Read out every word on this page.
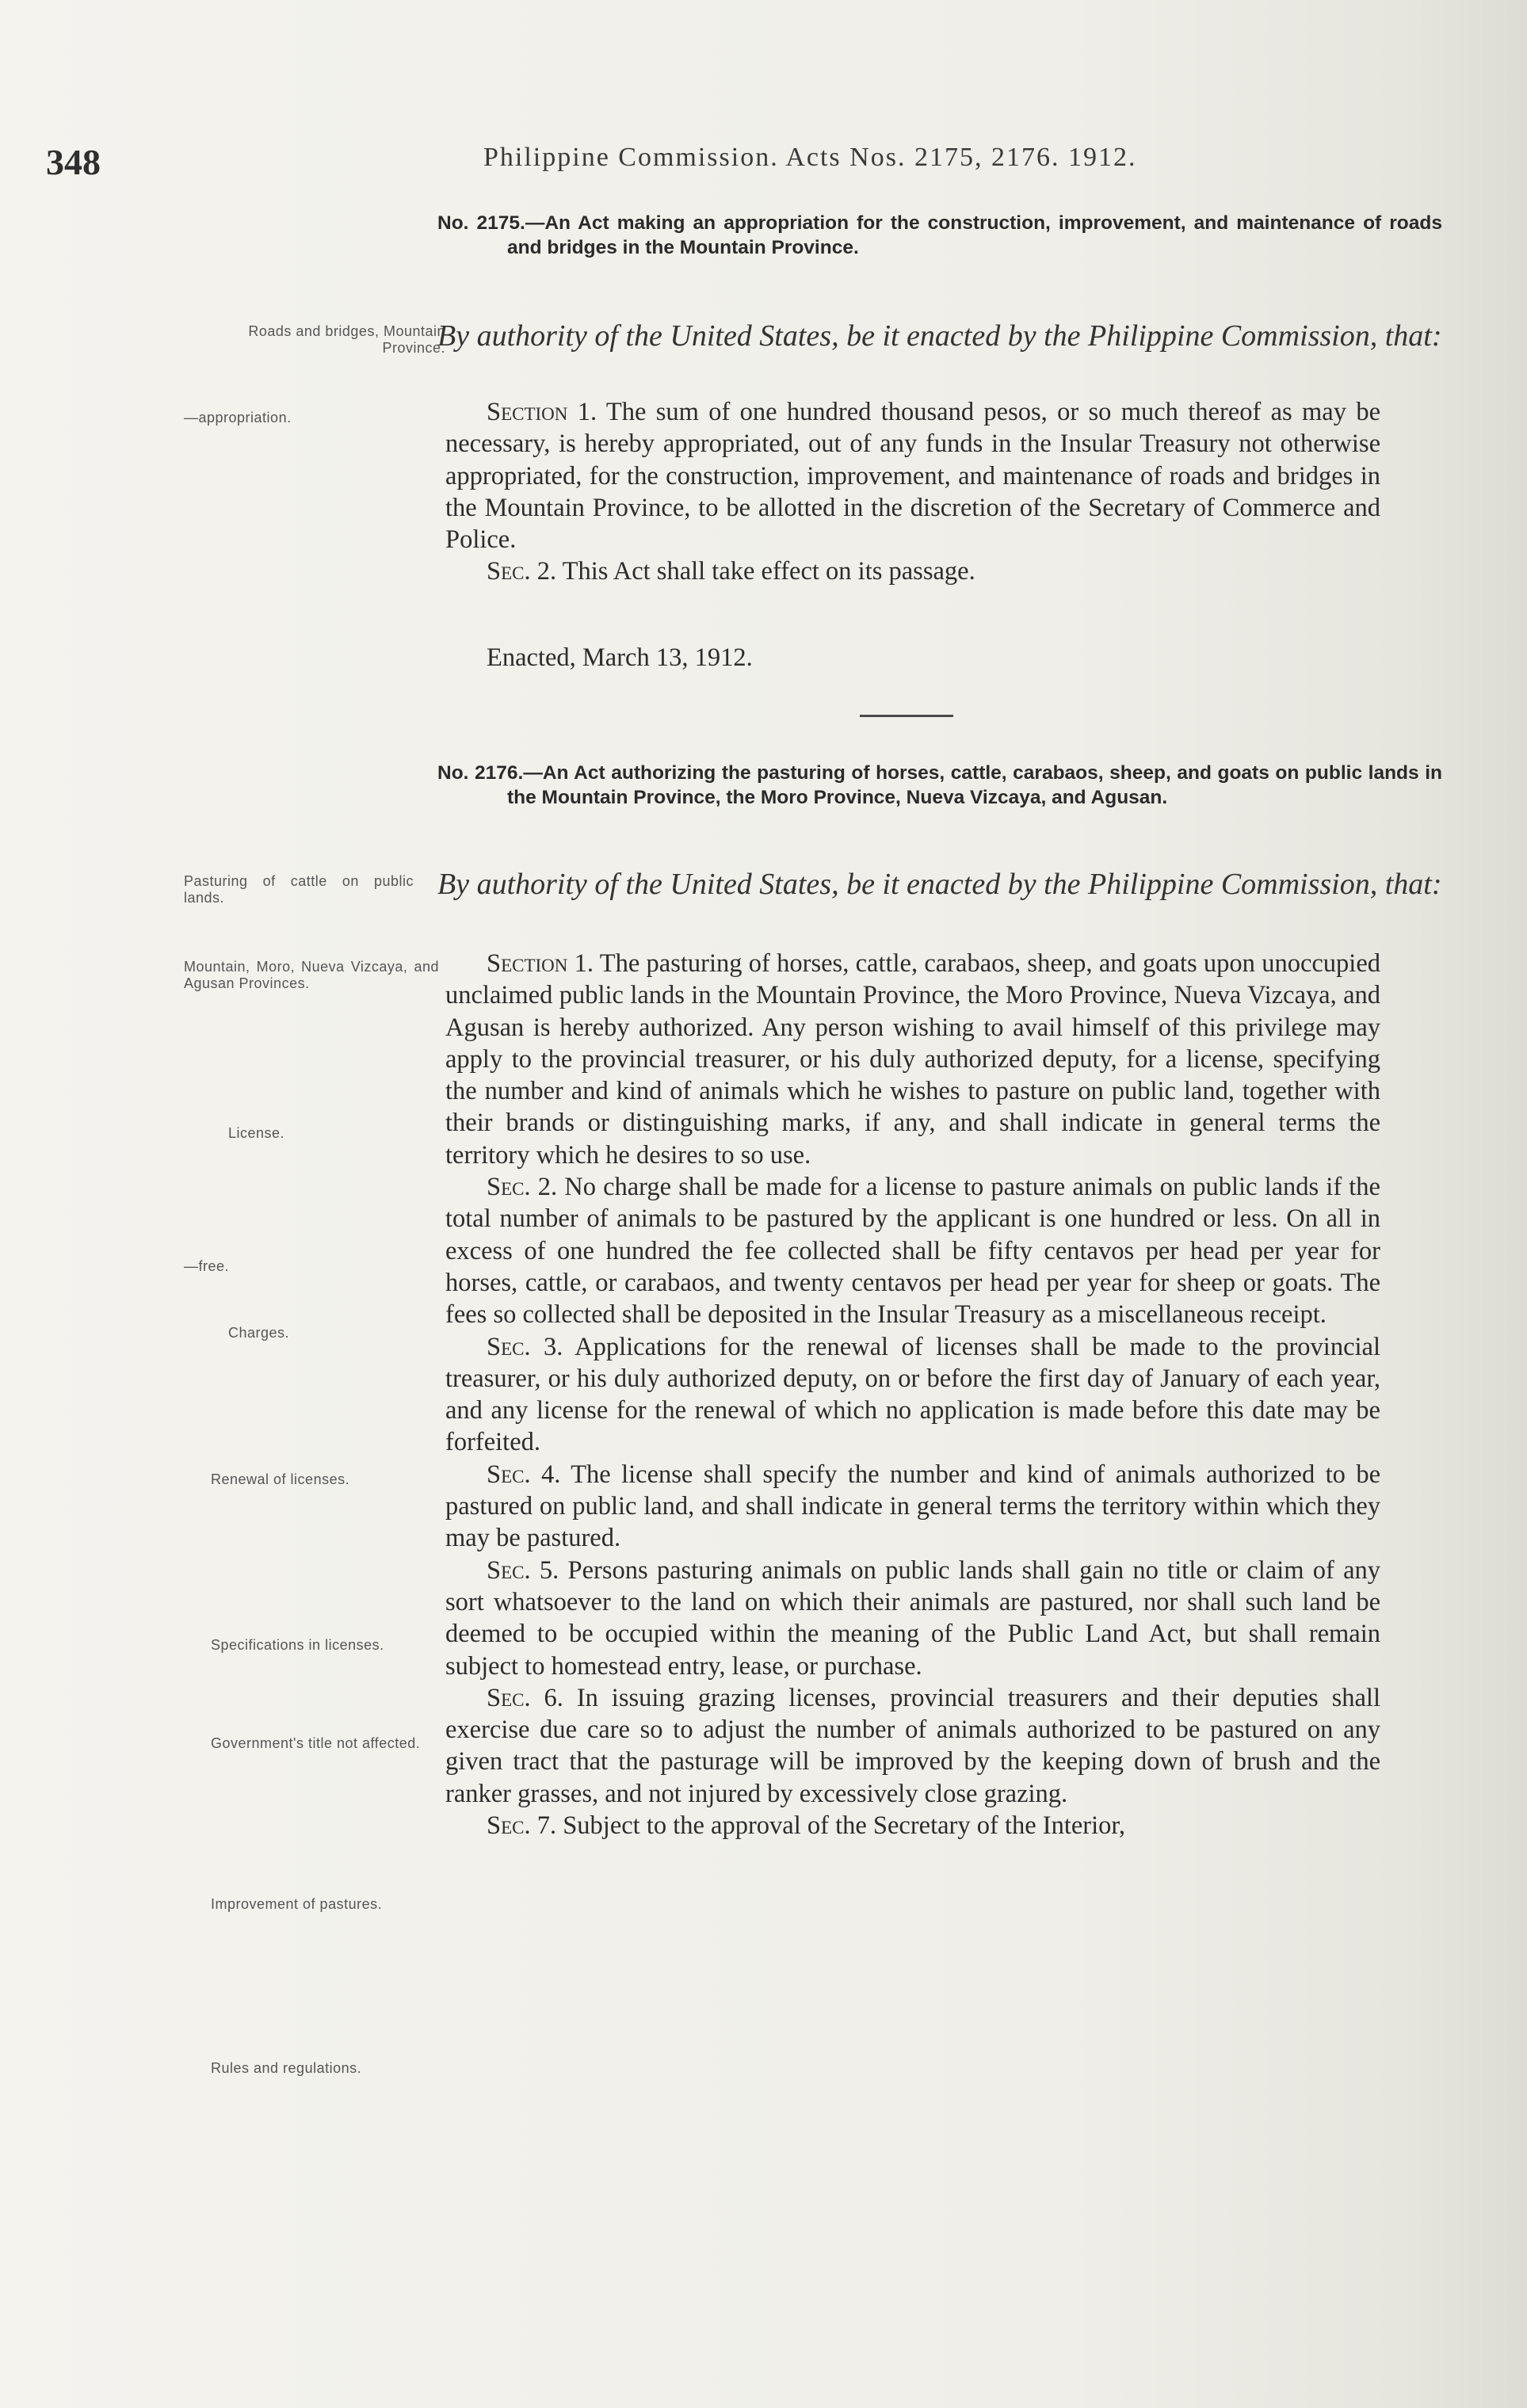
348	Philippine Commission. Acts Nos. 2175, 2176. 1912.
No. 2175.—An Act making an appropriation for the construction, improvement, and maintenance of roads and bridges in the Mountain Province.
Roads and bridges, Mountain Province.
By authority of the United States, be it enacted by the Philippine Commission, that:
—appropriation.	Section 1. The sum of one hundred thousand pesos, or so much thereof as may be necessary, is hereby appropriated, out of any funds in the Insular Treasury not otherwise appropriated, for the construction, improvement, and maintenance of roads and bridges in the Mountain Province, to be allotted in the discretion of the Secretary of Commerce and Police.

Sec. 2. This Act shall take effect on its passage.

Enacted, March 13, 1912.
No. 2176.—An Act authorizing the pasturing of horses, cattle, carabaos, sheep, and goats on public lands in the Mountain Province, the Moro Province, Nueva Vizcaya, and Agusan.
Pasturing of cattle on public lands.	By authority of the United States, be it enacted by the Philippine Commission, that:
Mountain, Moro, Nueva Vizcaya, and Agusan Provinces.
License.
—free.
Charges.
Renewal of licenses.
Specifications in licenses.
Government's title not affected.
Improvement of pastures.
Rules and regulations.

Section 1. The pasturing of horses, cattle, carabaos, sheep, and goats upon unoccupied unclaimed public lands in the Mountain Province, the Moro Province, Nueva Vizcaya, and Agusan is hereby authorized. Any person wishing to avail himself of this privilege may apply to the provincial treasurer, or his duly authorized deputy, for a license, specifying the number and kind of animals which he wishes to pasture on public land, together with their brands or distinguishing marks, if any, and shall indicate in general terms the territory which he desires to so use.

Sec. 2. No charge shall be made for a license to pasture animals on public lands if the total number of animals to be pastured by the applicant is one hundred or less. On all in excess of one hundred the fee collected shall be fifty centavos per head per year for horses, cattle, or carabaos, and twenty centavos per head per year for sheep or goats. The fees so collected shall be deposited in the Insular Treasury as a miscellaneous receipt.

Sec. 3. Applications for the renewal of licenses shall be made to the provincial treasurer, or his duly authorized deputy, on or before the first day of January of each year, and any license for the renewal of which no application is made before this date may be forfeited.

Sec. 4. The license shall specify the number and kind of animals authorized to be pastured on public land, and shall indicate in general terms the territory within which they may be pastured.

Sec. 5. Persons pasturing animals on public lands shall gain no title or claim of any sort whatsoever to the land on which their animals are pastured, nor shall such land be deemed to be occupied within the meaning of the Public Land Act, but shall remain subject to homestead entry, lease, or purchase.

Sec. 6. In issuing grazing licenses, provincial treasurers and their deputies shall exercise due care so to adjust the number of animals authorized to be pastured on any given tract that the pasturage will be improved by the keeping down of brush and the ranker grasses, and not injured by excessively close grazing.

Sec. 7. Subject to the approval of the Secretary of the Interior,
